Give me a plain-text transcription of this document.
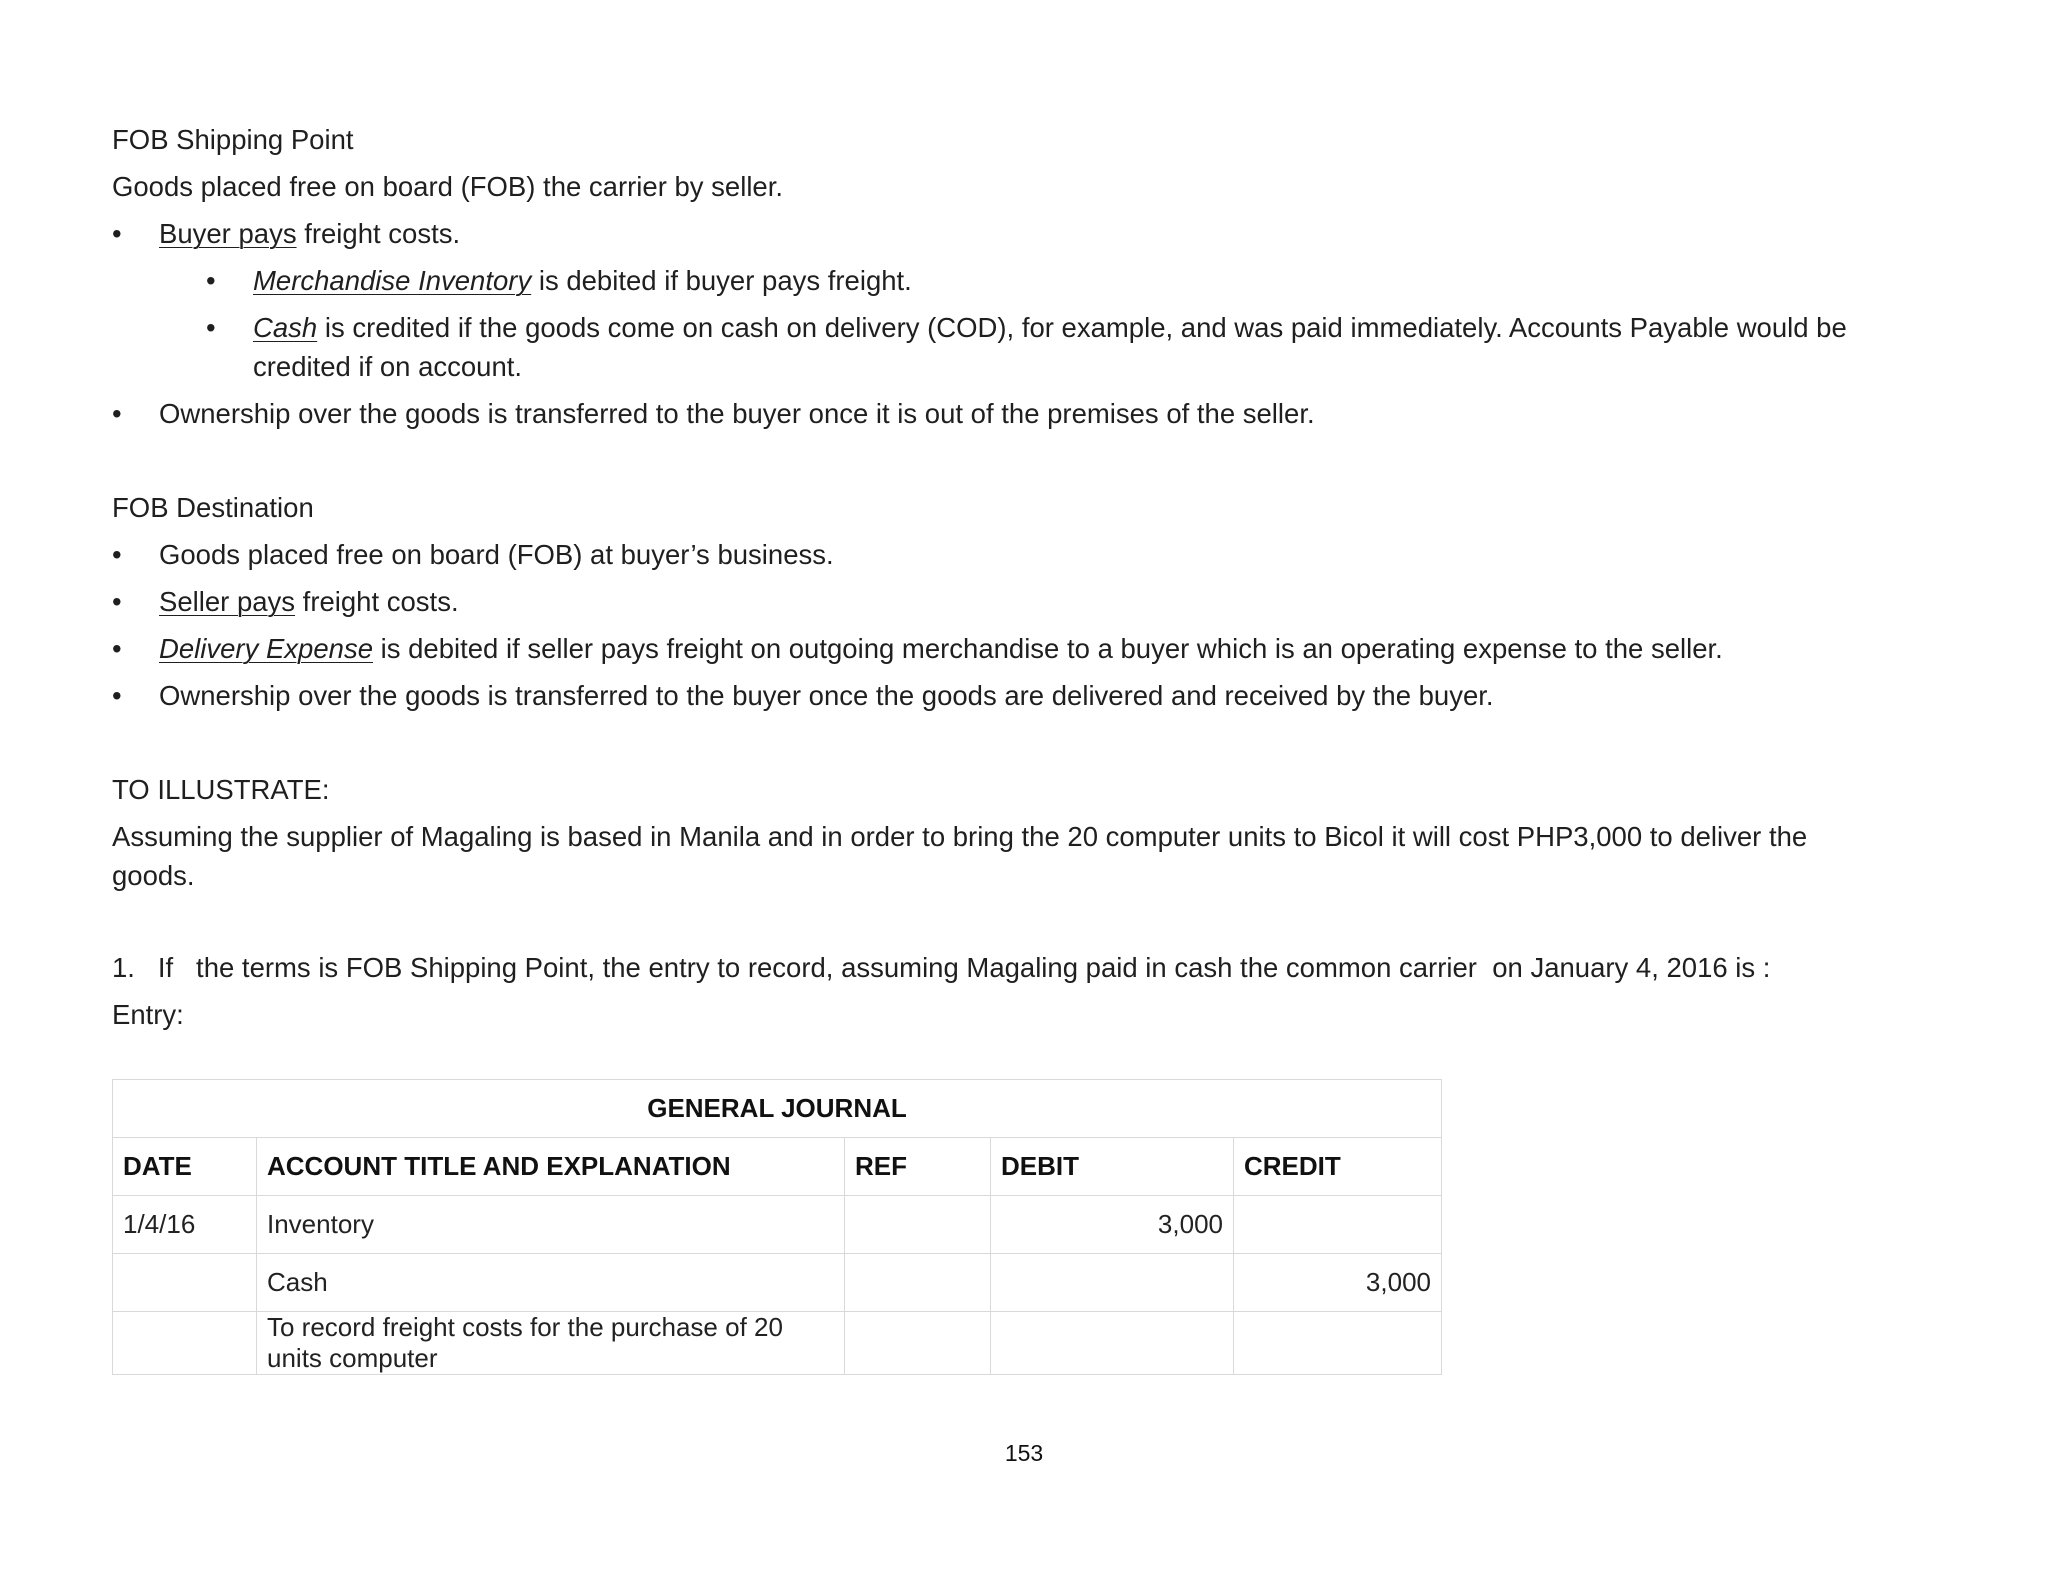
FOB Shipping Point

Goods placed free on board (FOB) the carrier by seller.

• Buyer pays freight costs.

• Merchandise Inventory is debited if buyer pays freight.

• Cash is credited if the goods come on cash on delivery (COD), for example, and was paid immediately. Accounts Payable would be

credited if on account.

• Ownership over the goods is transferred to the buyer once it is out of the premises of the seller.

FOB Destination

• Goods placed free on board (FOB) at buyer’s business.

• Seller pays freight costs.

• Delivery Expense is debited if seller pays freight on outgoing merchandise to a buyer which is an operating expense to the seller.

• Ownership over the goods is transferred to the buyer once the goods are delivered and received by the buyer.

TO ILLUSTRATE:

Assuming the supplier of Magaling is based in Manila and in order to bring the 20 computer units to Bicol it will cost PHP3,000 to deliver the

goods.

1.   If   the terms is FOB Shipping Point, the entry to record, assuming Magaling paid in cash the common carrier  on January 4, 2016 is :

Entry:

GENERAL JOURNAL				
DATE	ACCOUNT TITLE AND EXPLANATION	REF	DEBIT	CREDIT
1/4/16	Inventory		3,000	
	Cash			3,000
	To record freight costs for the purchase of 20 units computer			
153
